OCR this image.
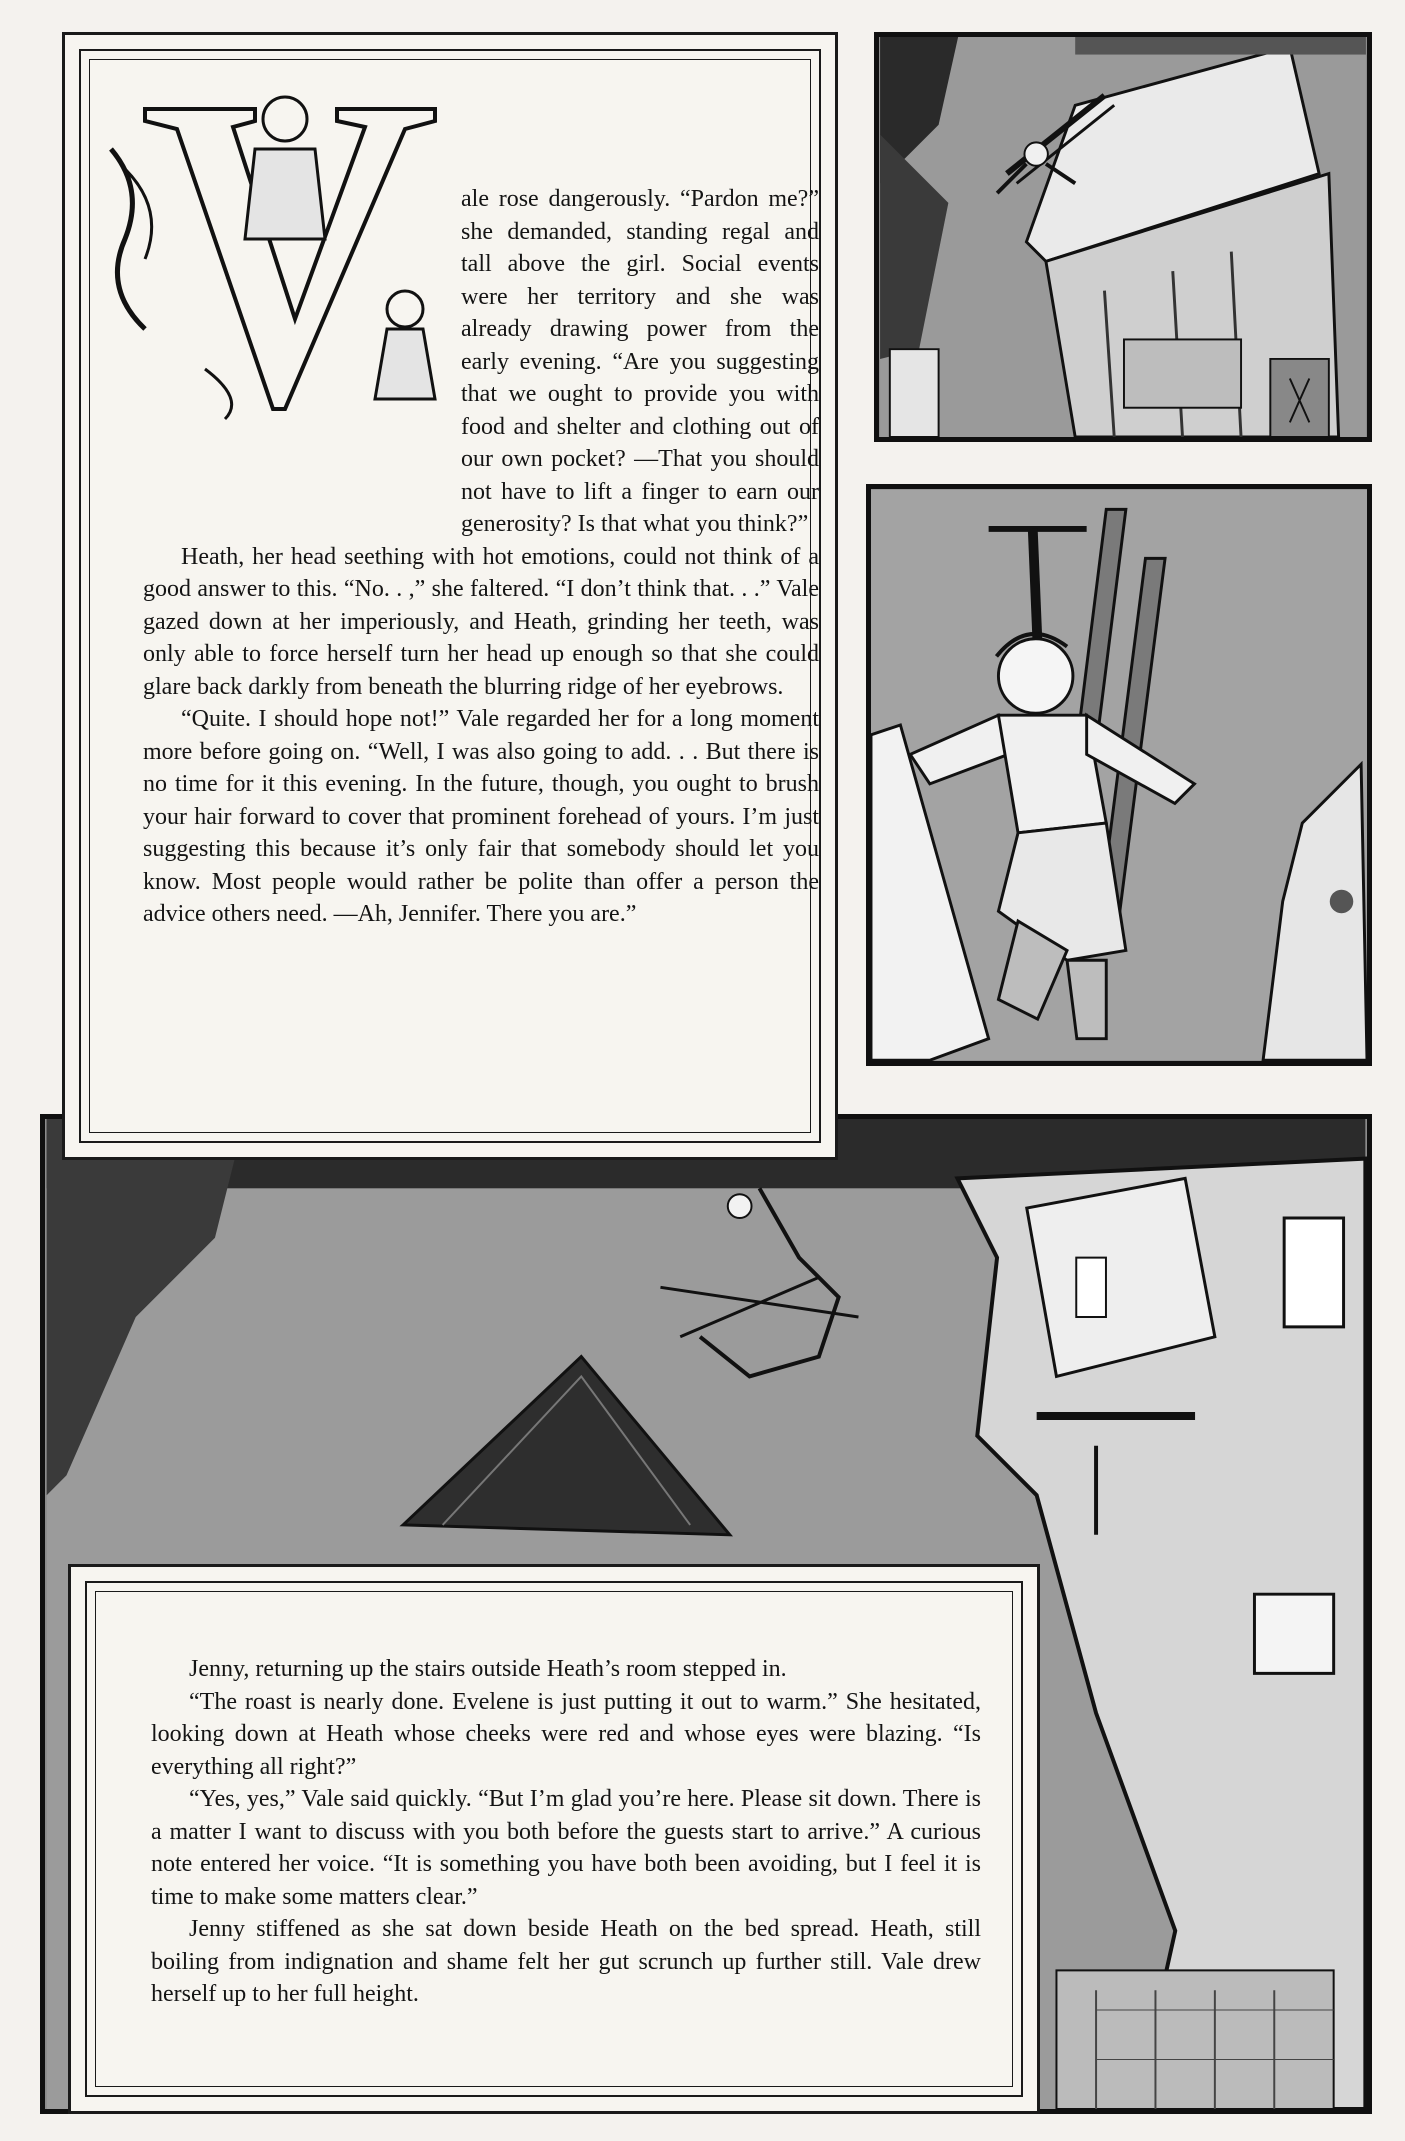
V

ale rose dangerously. “Pardon me?” she demanded, standing regal and tall above the girl. Social events were her territory and she was already drawing power from the early evening. “Are you suggesting that we ought to provide you with food and shelter and clothing out of our own pocket? —That you should not have to lift a finger to earn our generosity? Is that what you think?”

Heath, her head seething with hot emotions, could not think of a good answer to this. “No. . ,” she faltered. “I don’t think that. . .” Vale gazed down at her imperiously, and Heath, grinding her teeth, was only able to force herself turn her head up enough so that she could glare back darkly from beneath the blurring ridge of her eyebrows.

“Quite. I should hope not!” Vale regarded her for a long moment more before going on. “Well, I was also going to add. . . But there is no time for it this evening. In the future, though, you ought to brush your hair forward to cover that prominent forehead of yours. I’m just suggesting this because it’s only fair that somebody should let you know. Most people would rather be polite than offer a person the advice others need. —Ah, Jennifer. There you are.”

Jenny, returning up the stairs outside Heath’s room stepped in.

“The roast is nearly done. Evelene is just putting it out to warm.” She hesitated, looking down at Heath whose cheeks were red and whose eyes were blazing. “Is everything all right?”

“Yes, yes,” Vale said quickly. “But I’m glad you’re here. Please sit down. There is a matter I want to discuss with you both before the guests start to arrive.” A curious note entered her voice. “It is something you have both been avoiding, but I feel it is time to make some matters clear.”

Jenny stiffened as she sat down beside Heath on the bed spread. Heath, still boiling from indignation and shame felt her gut scrunch up further still. Vale drew herself up to her full height.
